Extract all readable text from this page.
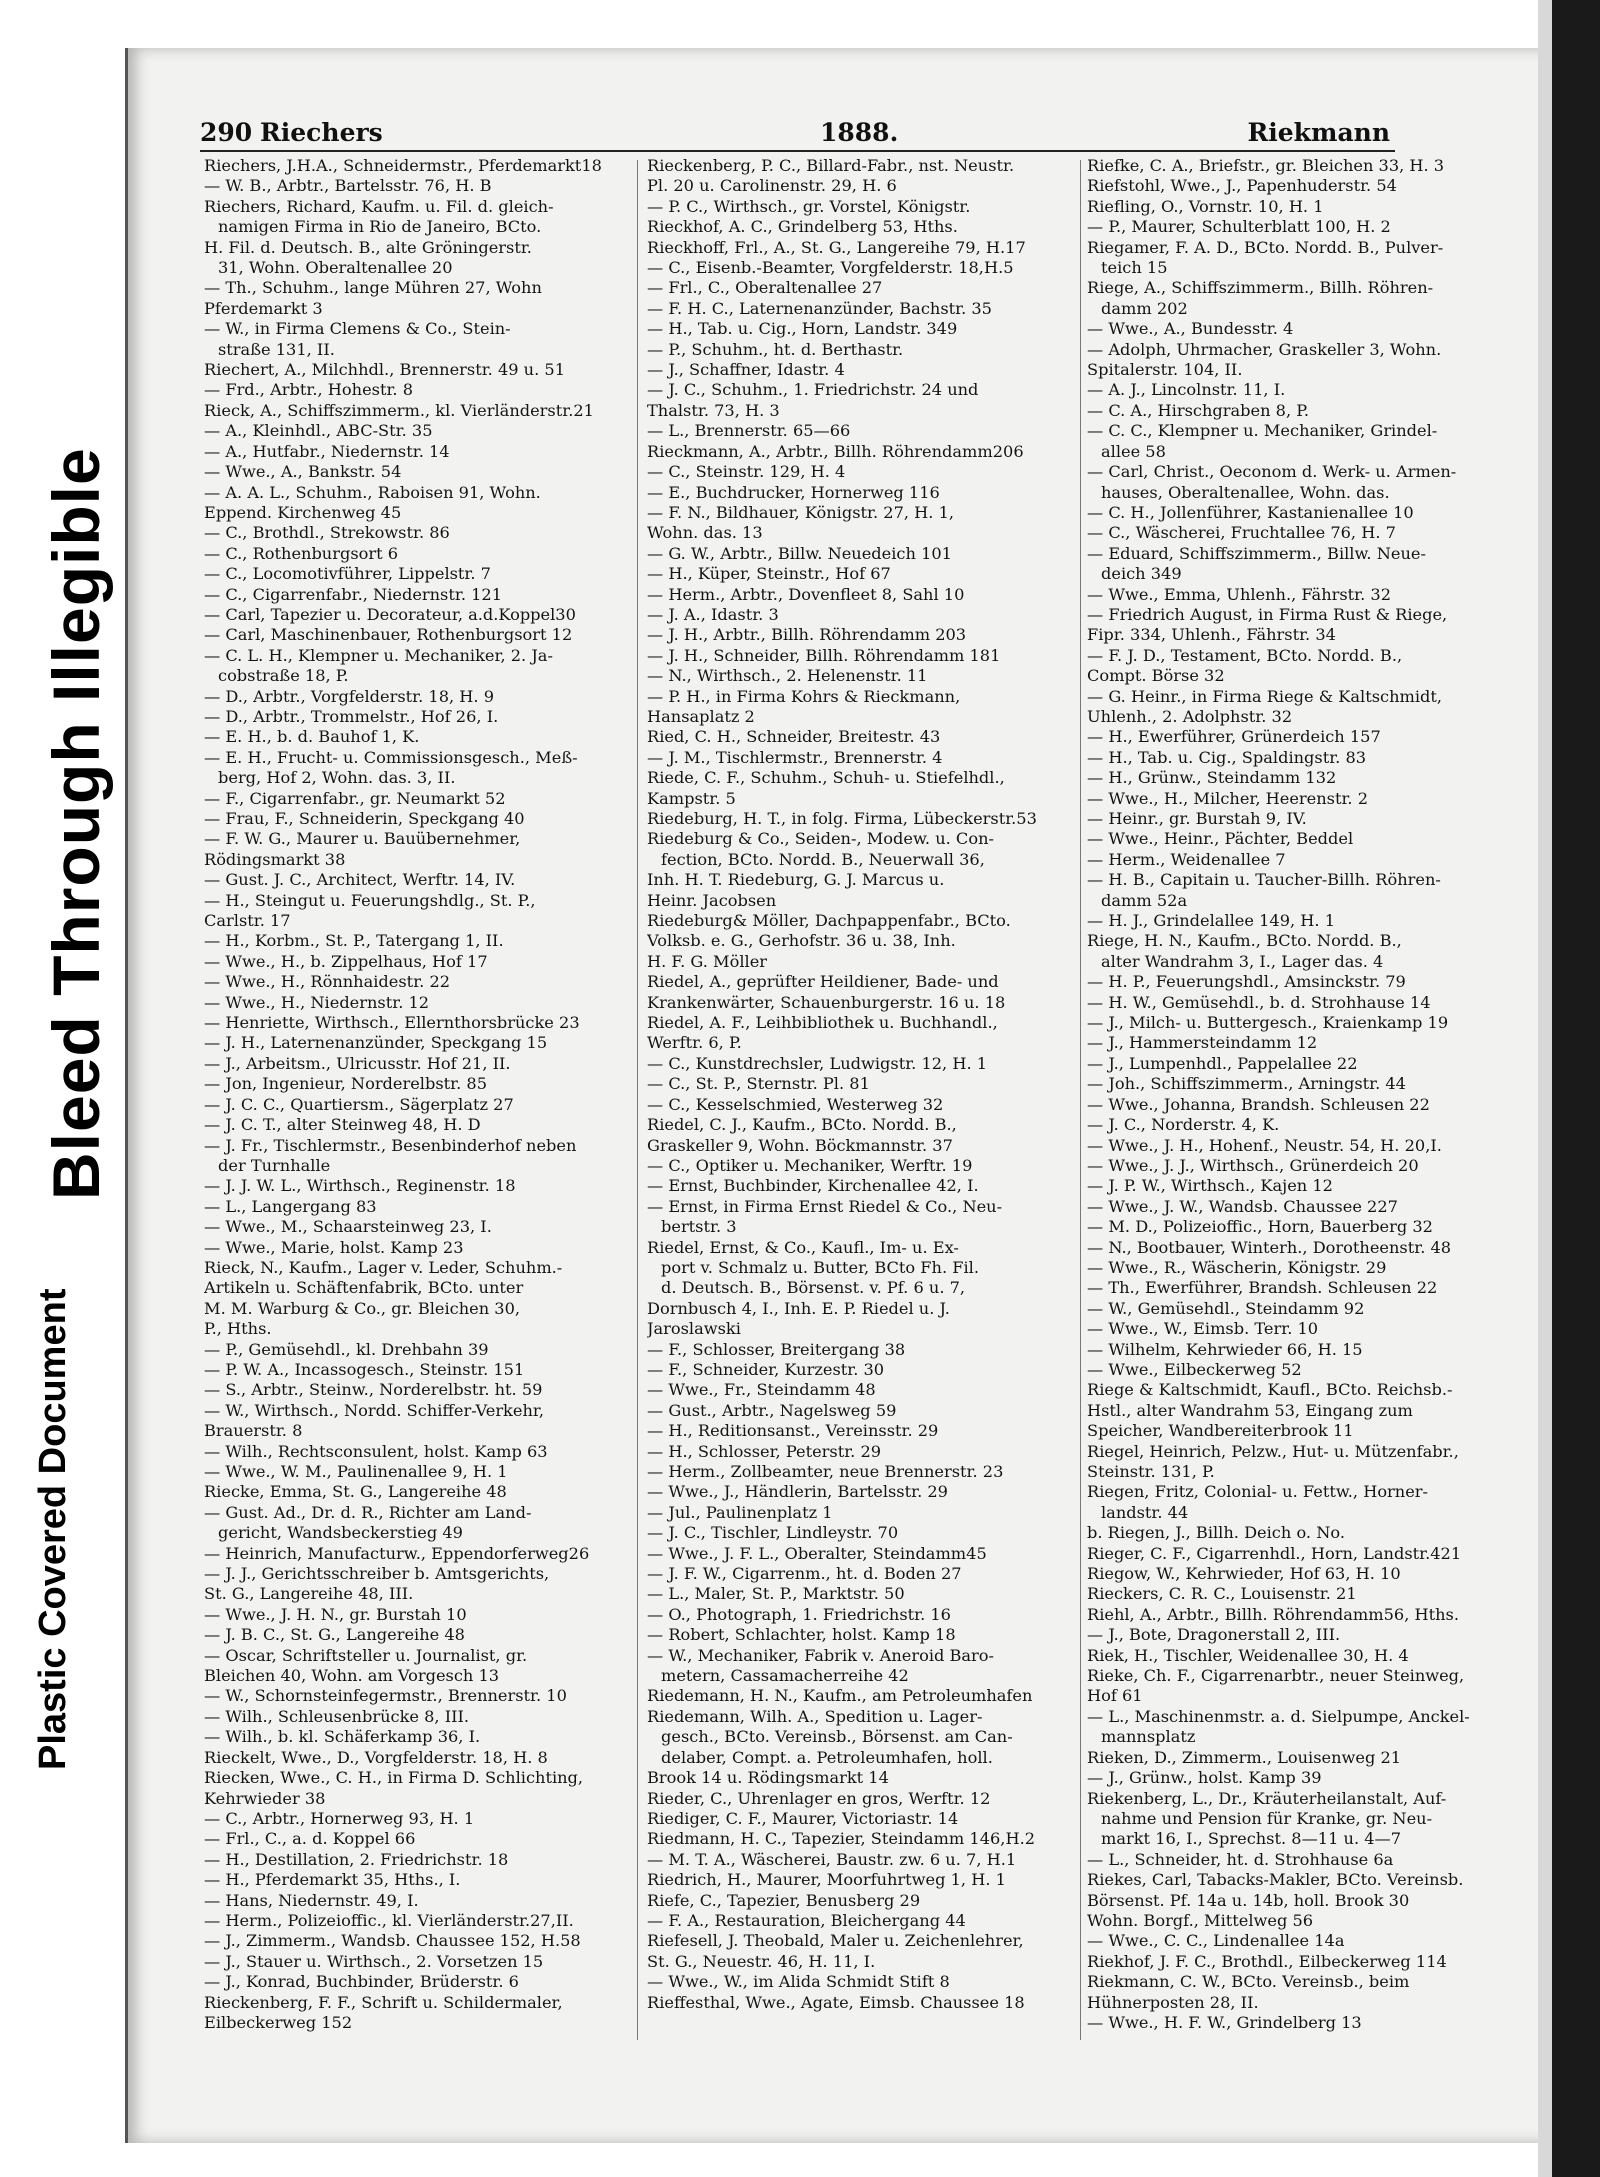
Plastic Covered Document
Bleed Through Illegible
290 Riechers	1888.	Riekmann
Riechers, J.H.A., Schneidermstr., Pferdemarkt18
— W. B., Arbtr., Bartelsstr. 76, H. B
Riechers, Richard, Kaufm. u. Fil. d. gleich-
namigen Firma in Rio de Janeiro, BCto.
H. Fil. d. Deutsch. B., alte Gröningerstr.
31, Wohn. Oberaltenallee 20
— Th., Schuhm., lange Mühren 27, Wohn
Pferdemarkt 3
— W., in Firma Clemens & Co., Stein-
straße 131, II.
Riechert, A., Milchhdl., Brennerstr. 49 u. 51
— Frd., Arbtr., Hohestr. 8
Rieck, A., Schiffszimmerm., kl. Vierländerstr.21
— A., Kleinhdl., ABC-Str. 35
— A., Hutfabr., Niedernstr. 14
— Wwe., A., Bankstr. 54
— A. A. L., Schuhm., Raboisen 91, Wohn.
Eppend. Kirchenweg 45
— C., Brothdl., Strekowstr. 86
— C., Rothenburgsort 6
— C., Locomotivführer, Lippelstr. 7
— C., Cigarrenfabr., Niedernstr. 121
— Carl, Tapezier u. Decorateur, a.d.Koppel30
— Carl, Maschinenbauer, Rothenburgsort 12
— C. L. H., Klempner u. Mechaniker, 2. Ja-
cobstraße 18, P.
— D., Arbtr., Vorgfelderstr. 18, H. 9
— D., Arbtr., Trommelstr., Hof 26, I.
— E. H., b. d. Bauhof 1, K.
— E. H., Frucht- u. Commissionsgesch., Meß-
berg, Hof 2, Wohn. das. 3, II.
— F., Cigarrenfabr., gr. Neumarkt 52
— Frau, F., Schneiderin, Speckgang 40
— F. W. G., Maurer u. Bauübernehmer,
Rödingsmarkt 38
— Gust. J. C., Architect, Werftr. 14, IV.
— H., Steingut u. Feuerungshdlg., St. P.,
Carlstr. 17
— H., Korbm., St. P., Tatergang 1, II.
— Wwe., H., b. Zippelhaus, Hof 17
— Wwe., H., Rönnhaidestr. 22
— Wwe., H., Niedernstr. 12
— Henriette, Wirthsch., Ellernthorsbrücke 23
— J. H., Laternenanzünder, Speckgang 15
— J., Arbeitsm., Ulricusstr. Hof 21, II.
— Jon, Ingenieur, Norderelbstr. 85
— J. C. C., Quartiersm., Sägerplatz 27
— J. C. T., alter Steinweg 48, H. D
— J. Fr., Tischlermstr., Besenbinderhof neben
der Turnhalle
— J. J. W. L., Wirthsch., Reginenstr. 18
— L., Langergang 83
— Wwe., M., Schaarsteinweg 23, I.
— Wwe., Marie, holst. Kamp 23
Rieck, N., Kaufm., Lager v. Leder, Schuhm.-
Artikeln u. Schäftenfabrik, BCto. unter
M. M. Warburg & Co., gr. Bleichen 30,
P., Hths.
— P., Gemüsehdl., kl. Drehbahn 39
— P. W. A., Incassogesch., Steinstr. 151
— S., Arbtr., Steinw., Norderelbstr. ht. 59
— W., Wirthsch., Nordd. Schiffer-Verkehr,
Brauerstr. 8
— Wilh., Rechtsconsulent, holst. Kamp 63
— Wwe., W. M., Paulinenallee 9, H. 1
Riecke, Emma, St. G., Langereihe 48
— Gust. Ad., Dr. d. R., Richter am Land-
gericht, Wandsbeckerstieg 49
— Heinrich, Manufacturw., Eppendorferweg26
— J. J., Gerichtsschreiber b. Amtsgerichts,
St. G., Langereihe 48, III.
— Wwe., J. H. N., gr. Burstah 10
— J. B. C., St. G., Langereihe 48
— Oscar, Schriftsteller u. Journalist, gr.
Bleichen 40, Wohn. am Vorgesch 13
— W., Schornsteinfegermstr., Brennerstr. 10
— Wilh., Schleusenbrücke 8, III.
— Wilh., b. kl. Schäferkamp 36, I.
Rieckelt, Wwe., D., Vorgfelderstr. 18, H. 8
Riecken, Wwe., C. H., in Firma D. Schlichting,
Kehrwieder 38
— C., Arbtr., Hornerweg 93, H. 1
— Frl., C., a. d. Koppel 66
— H., Destillation, 2. Friedrichstr. 18
— H., Pferdemarkt 35, Hths., I.
— Hans, Niedernstr. 49, I.
— Herm., Polizeioffic., kl. Vierländerstr.27,II.
— J., Zimmerm., Wandsb. Chaussee 152, H.58
— J., Stauer u. Wirthsch., 2. Vorsetzen 15
— J., Konrad, Buchbinder, Brüderstr. 6
Rieckenberg, F. F., Schrift u. Schildermaler,
Eilbeckerweg 152
Rieckenberg, P. C., Billard-Fabr., nst. Neustr.
Pl. 20 u. Carolinenstr. 29, H. 6
— P. C., Wirthsch., gr. Vorstel, Königstr.
Rieckhof, A. C., Grindelberg 53, Hths.
Rieckhoff, Frl., A., St. G., Langereihe 79, H.17
— C., Eisenb.-Beamter, Vorgfelderstr. 18,H.5
— Frl., C., Oberaltenallee 27
— F. H. C., Laternenanzünder, Bachstr. 35
— H., Tab. u. Cig., Horn, Landstr. 349
— P., Schuhm., ht. d. Berthastr.
— J., Schaffner, Idastr. 4
— J. C., Schuhm., 1. Friedrichstr. 24 und
Thalstr. 73, H. 3
— L., Brennerstr. 65—66
Rieckmann, A., Arbtr., Billh. Röhrendamm206
— C., Steinstr. 129, H. 4
— E., Buchdrucker, Hornerweg 116
— F. N., Bildhauer, Königstr. 27, H. 1,
Wohn. das. 13
— G. W., Arbtr., Billw. Neuedeich 101
— H., Küper, Steinstr., Hof 67
— Herm., Arbtr., Dovenfleet 8, Sahl 10
— J. A., Idastr. 3
— J. H., Arbtr., Billh. Röhrendamm 203
— J. H., Schneider, Billh. Röhrendamm 181
— N., Wirthsch., 2. Helenenstr. 11
— P. H., in Firma Kohrs & Rieckmann,
Hansaplatz 2
Ried, C. H., Schneider, Breitestr. 43
— J. M., Tischlermstr., Brennerstr. 4
Riede, C. F., Schuhm., Schuh- u. Stiefelhdl.,
Kampstr. 5
Riedeburg, H. T., in folg. Firma, Lübeckerstr.53
Riedeburg & Co., Seiden-, Modew. u. Con-
fection, BCto. Nordd. B., Neuerwall 36,
Inh. H. T. Riedeburg, G. J. Marcus u.
Heinr. Jacobsen
Riedeburg& Möller, Dachpappenfabr., BCto.
Volksb. e. G., Gerhofstr. 36 u. 38, Inh.
H. F. G. Möller
Riedel, A., geprüfter Heildiener, Bade- und
Krankenwärter, Schauenburgerstr. 16 u. 18
Riedel, A. F., Leihbibliothek u. Buchhandl.,
Werftr. 6, P.
— C., Kunstdrechsler, Ludwigstr. 12, H. 1
— C., St. P., Sternstr. Pl. 81
— C., Kesselschmied, Westerweg 32
Riedel, C. J., Kaufm., BCto. Nordd. B.,
Graskeller 9, Wohn. Böckmannstr. 37
— C., Optiker u. Mechaniker, Werftr. 19
— Ernst, Buchbinder, Kirchenallee 42, I.
— Ernst, in Firma Ernst Riedel & Co., Neu-
bertstr. 3
Riedel, Ernst, & Co., Kaufl., Im- u. Ex-
port v. Schmalz u. Butter, BCto Fh. Fil.
d. Deutsch. B., Börsenst. v. Pf. 6 u. 7,
Dornbusch 4, I., Inh. E. P. Riedel u. J.
Jaroslawski
— F., Schlosser, Breitergang 38
— F., Schneider, Kurzestr. 30
— Wwe., Fr., Steindamm 48
— Gust., Arbtr., Nagelsweg 59
— H., Reditionsanst., Vereinsstr. 29
— H., Schlosser, Peterstr. 29
— Herm., Zollbeamter, neue Brennerstr. 23
— Wwe., J., Händlerin, Bartelsstr. 29
— Jul., Paulinenplatz 1
— J. C., Tischler, Lindleystr. 70
— Wwe., J. F. L., Oberalter, Steindamm45
— J. F. W., Cigarrenm., ht. d. Boden 27
— L., Maler, St. P., Marktstr. 50
— O., Photograph, 1. Friedrichstr. 16
— Robert, Schlachter, holst. Kamp 18
— W., Mechaniker, Fabrik v. Aneroid Baro-
metern, Cassamacherreihe 42
Riedemann, H. N., Kaufm., am Petroleumhafen
Riedemann, Wilh. A., Spedition u. Lager-
gesch., BCto. Vereinsb., Börsenst. am Can-
delaber, Compt. a. Petroleumhafen, holl.
Brook 14 u. Rödingsmarkt 14
Rieder, C., Uhrenlager en gros, Werftr. 12
Riediger, C. F., Maurer, Victoriastr. 14
Riedmann, H. C., Tapezier, Steindamm 146,H.2
— M. T. A., Wäscherei, Baustr. zw. 6 u. 7, H.1
Riedrich, H., Maurer, Moorfuhrtweg 1, H. 1
Riefe, C., Tapezier, Benusberg 29
— F. A., Restauration, Bleichergang 44
Riefesell, J. Theobald, Maler u. Zeichenlehrer,
St. G., Neuestr. 46, H. 11, I.
— Wwe., W., im Alida Schmidt Stift 8
Rieffesthal, Wwe., Agate, Eimsb. Chaussee 18
Riefke, C. A., Briefstr., gr. Bleichen 33, H. 3
Riefstohl, Wwe., J., Papenhuderstr. 54
Riefling, O., Vornstr. 10, H. 1
— P., Maurer, Schulterblatt 100, H. 2
Riegamer, F. A. D., BCto. Nordd. B., Pulver-
teich 15
Riege, A., Schiffszimmerm., Billh. Röhren-
damm 202
— Wwe., A., Bundesstr. 4
— Adolph, Uhrmacher, Graskeller 3, Wohn.
Spitalerstr. 104, II.
— A. J., Lincolnstr. 11, I.
— C. A., Hirschgraben 8, P.
— C. C., Klempner u. Mechaniker, Grindel-
allee 58
— Carl, Christ., Oeconom d. Werk- u. Armen-
hauses, Oberaltenallee, Wohn. das.
— C. H., Jollenführer, Kastanienallee 10
— C., Wäscherei, Fruchtallee 76, H. 7
— Eduard, Schiffszimmerm., Billw. Neue-
deich 349
— Wwe., Emma, Uhlenh., Fährstr. 32
— Friedrich August, in Firma Rust & Riege,
Fipr. 334, Uhlenh., Fährstr. 34
— F. J. D., Testament, BCto. Nordd. B.,
Compt. Börse 32
— G. Heinr., in Firma Riege & Kaltschmidt,
Uhlenh., 2. Adolphstr. 32
— H., Ewerführer, Grünerdeich 157
— H., Tab. u. Cig., Spaldingstr. 83
— H., Grünw., Steindamm 132
— Wwe., H., Milcher, Heerenstr. 2
— Heinr., gr. Burstah 9, IV.
— Wwe., Heinr., Pächter, Beddel
— Herm., Weidenallee 7
— H. B., Capitain u. Taucher-Billh. Röhren-
damm 52a
— H. J., Grindelallee 149, H. 1
Riege, H. N., Kaufm., BCto. Nordd. B.,
alter Wandrahm 3, I., Lager das. 4
— H. P., Feuerungshdl., Amsinckstr. 79
— H. W., Gemüsehdl., b. d. Strohhause 14
— J., Milch- u. Buttergesch., Kraienkamp 19
— J., Hammersteindamm 12
— J., Lumpenhdl., Pappelallee 22
— Joh., Schiffszimmerm., Arningstr. 44
— Wwe., Johanna, Brandsh. Schleusen 22
— J. C., Norderstr. 4, K.
— Wwe., J. H., Hohenf., Neustr. 54, H. 20,I.
— Wwe., J. J., Wirthsch., Grünerdeich 20
— J. P. W., Wirthsch., Kajen 12
— Wwe., J. W., Wandsb. Chaussee 227
— M. D., Polizeioffic., Horn, Bauerberg 32
— N., Bootbauer, Winterh., Dorotheenstr. 48
— Wwe., R., Wäscherin, Königstr. 29
— Th., Ewerführer, Brandsh. Schleusen 22
— W., Gemüsehdl., Steindamm 92
— Wwe., W., Eimsb. Terr. 10
— Wilhelm, Kehrwieder 66, H. 15
— Wwe., Eilbeckerweg 52
Riege & Kaltschmidt, Kaufl., BCto. Reichsb.-
Hstl., alter Wandrahm 53, Eingang zum
Speicher, Wandbereiterbrook 11
Riegel, Heinrich, Pelzw., Hut- u. Mützenfabr.,
Steinstr. 131, P.
Riegen, Fritz, Colonial- u. Fettw., Horner-
landstr. 44
b. Riegen, J., Billh. Deich o. No.
Rieger, C. F., Cigarrenhdl., Horn, Landstr.421
Riegow, W., Kehrwieder, Hof 63, H. 10
Rieckers, C. R. C., Louisenstr. 21
Riehl, A., Arbtr., Billh. Röhrendamm56, Hths.
— J., Bote, Dragonerstall 2, III.
Riek, H., Tischler, Weidenallee 30, H. 4
Rieke, Ch. F., Cigarrenarbtr., neuer Steinweg,
Hof 61
— L., Maschinenmstr. a. d. Sielpumpe, Anckel-
mannsplatz
Rieken, D., Zimmerm., Louisenweg 21
— J., Grünw., holst. Kamp 39
Riekenberg, L., Dr., Kräuterheilanstalt, Auf-
nahme und Pension für Kranke, gr. Neu-
markt 16, I., Sprechst. 8—11 u. 4—7
— L., Schneider, ht. d. Strohhause 6a
Riekes, Carl, Tabacks-Makler, BCto. Vereinsb.
Börsenst. Pf. 14a u. 14b, holl. Brook 30
Wohn. Borgf., Mittelweg 56
— Wwe., C. C., Lindenallee 14a
Riekhof, J. F. C., Brothdl., Eilbeckerweg 114
Riekmann, C. W., BCto. Vereinsb., beim
Hühnerposten 28, II.
— Wwe., H. F. W., Grindelberg 13
